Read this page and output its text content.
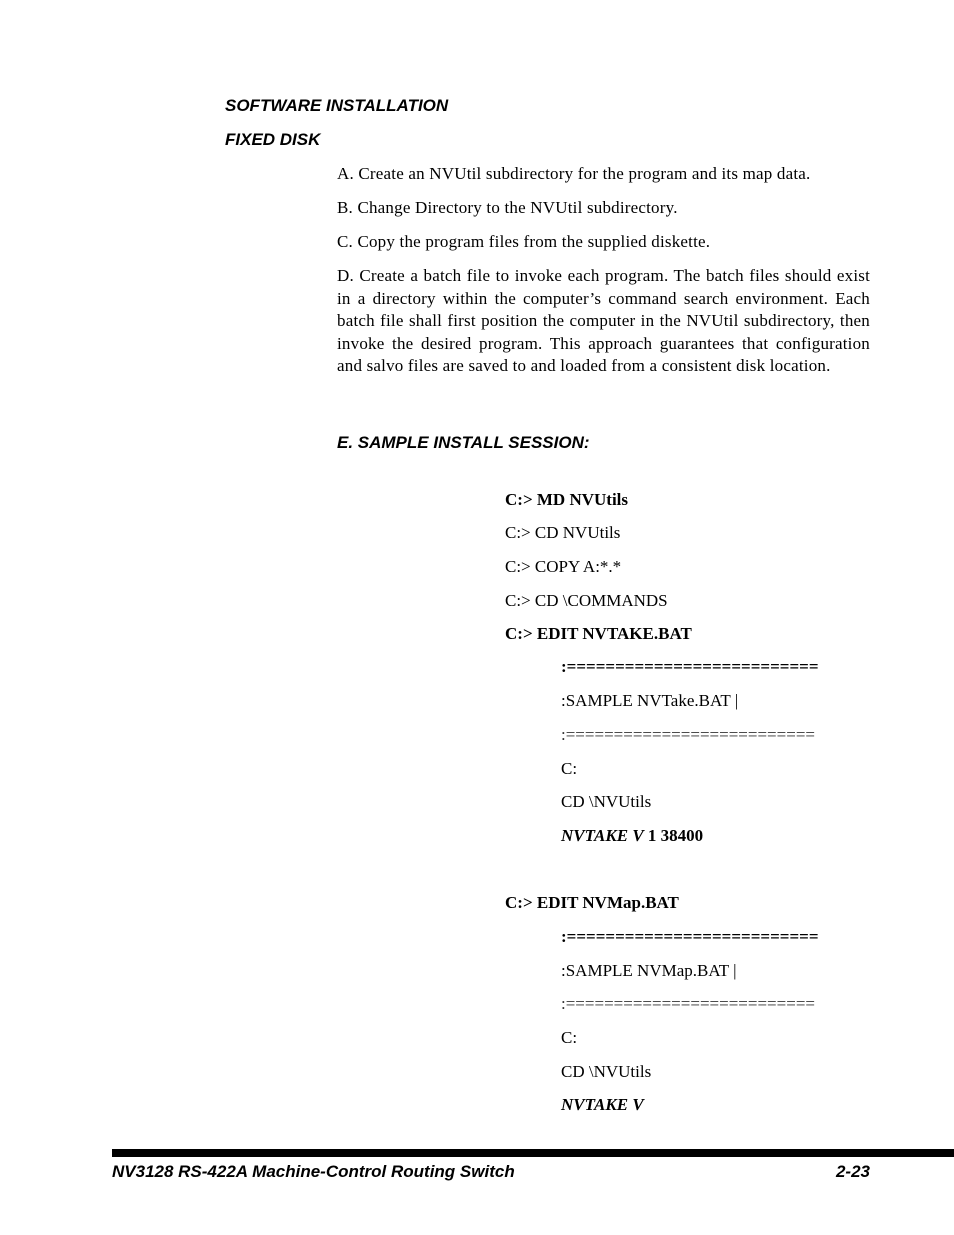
SOFTWARE INSTALLATION
FIXED DISK
A. Create an NVUtil subdirectory for the program and its map data.
B. Change Directory to the NVUtil subdirectory.
C. Copy the program files from the supplied diskette.
D. Create a batch file to invoke each program. The batch files should exist in a directory within the computer’s command search environment. Each batch file shall first position the computer in the NVUtil subdirectory, then invoke the desired program. This approach guarantees that configuration and salvo files are saved to and loaded from a consistent disk location.
E. SAMPLE INSTALL SESSION:
C:> MD NVUtils
C:> CD NVUtils
C:> COPY A:*.*
C:> CD \COMMANDS
C:> EDIT NVTAKE.BAT
:==========================
:SAMPLE NVTake.BAT |
:==========================
C:
CD \NVUtils
NVTAKE V 1 38400
C:> EDIT NVMap.BAT
:==========================
:SAMPLE NVMap.BAT |
:==========================
C:
CD \NVUtils
NVTAKE V
NV3128 RS-422A Machine-Control Routing Switch	2-23
